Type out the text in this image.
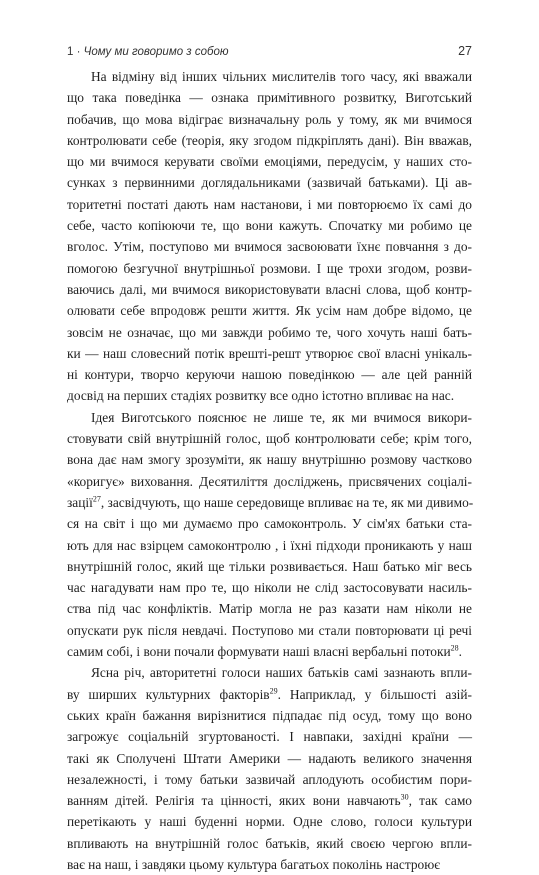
1 · Чому ми говоримо з собою	27
На відміну від інших чільних мислителів того часу, які вважали
що така поведінка — ознака примітивного розвитку, Виготський
побачив, що мова відіграє визначальну роль у тому, як ми вчимося
контролювати себе (теорія, яку згодом підкріплять дані). Він вважав,
що ми вчимося керувати своїми емоціями, передусім, у наших сто-
сунках з первинними доглядальниками (зазвичай батьками). Ці ав-
торитетні постаті дають нам настанови, і ми повторюємо їх самі до
себе, часто копіюючи те, що вони кажуть. Спочатку ми робимо це
вголос. Утім, поступово ми вчимося засвоювати їхнє повчання з до-
помогою безгучної внутрішньої розмови. І ще трохи згодом, розви-
ваючись далі, ми вчимося використовувати власні слова, щоб контр-
олювати себе впродовж решти життя. Як усім нам добре відомо, це
зовсім не означає, що ми завжди робимо те, чого хочуть наші бать-
ки — наш словесний потік врешті-решт утворює свої власні унікаль-
ні контури, творчо керуючи нашою поведінкою — але цей ранній
досвід на перших стадіях розвитку все одно істотно впливає на нас.
Ідея Виготського пояснює не лише те, як ми вчимося викори-
стовувати свій внутрішній голос, щоб контролювати себе; крім того,
вона дає нам змогу зрозуміти, як нашу внутрішню розмову частково
«коригує» виховання. Десятиліття досліджень, присвячених соціалі-
зації$^{27}$, засвідчують, що наше середовище впливає на те, як ми дивимо-
ся на світ і що ми думаємо про самоконтроль. У сім'ях батьки ста-
ють для нас взірцем самоконтролю , і їхні підходи проникають у наш
внутрішній голос, який ще тільки розвивається. Наш батько міг весь
час нагадувати нам про те, що ніколи не слід застосовувати насиль-
ства під час конфліктів. Матір могла не раз казати нам ніколи не
опускати рук після невдачі. Поступово ми стали повторювати ці речі
самим собі, і вони почали формувати наші власні вербальні потоки$^{28}$.
Ясна річ, авторитетні голоси наших батьків самі зазнають впли-
ву ширших культурних факторів$^{29}$. Наприклад, у більшості азій-
ських країн бажання вирізнитися підпадає під осуд, тому що воно
загрожує соціальній згуртованості. І навпаки, західні країни —
такі як Сполучені Штати Америки — надають великого значення
незалежності, і тому батьки зазвичай аплодують особистим пори-
ванням дітей. Релігія та цінності, яких вони навчають$^{30}$, так само
перетікають у наші буденні норми. Одне слово, голоси культури
впливають на внутрішній голос батьків, який своєю чергою впли-
ває на наш, і завдяки цьому культура багатьох поколінь настроює
